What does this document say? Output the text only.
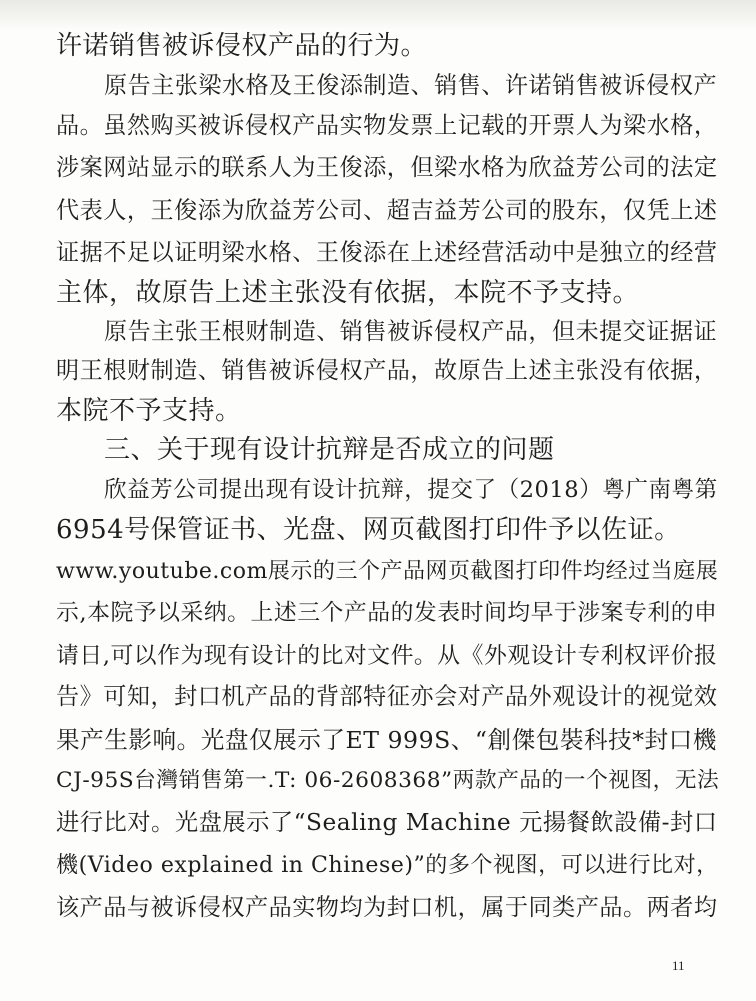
许诺销售被诉侵权产品的行为。
原告主张梁水格及王俊添制造、销售、许诺销售被诉侵权产
品。虽然购买被诉侵权产品实物发票上记载的开票人为梁水格，
涉案网站显示的联系人为王俊添，但梁水格为欣益芳公司的法定
代表人，王俊添为欣益芳公司、超吉益芳公司的股东，仅凭上述
证据不足以证明梁水格、王俊添在上述经营活动中是独立的经营
主体，故原告上述主张没有依据，本院不予支持。
原告主张王根财制造、销售被诉侵权产品，但未提交证据证
明王根财制造、销售被诉侵权产品，故原告上述主张没有依据，
本院不予支持。
三、关于现有设计抗辩是否成立的问题
欣益芳公司提出现有设计抗辩，提交了（2018）粤广南粤第
6954号保管证书、光盘、网页截图打印件予以佐证。
www.youtube.com展示的三个产品网页截图打印件均经过当庭展
示,本院予以采纳。上述三个产品的发表时间均早于涉案专利的申
请日,可以作为现有设计的比对文件。从《外观设计专利权评价报
告》可知，封口机产品的背部特征亦会对产品外观设计的视觉效
果产生影响。光盘仅展示了ET 999S、“創傑包裝科技*封口機
CJ-95S台灣销售第一.T: 06-2608368”两款产品的一个视图，无法
进行比对。光盘展示了“Sealing Machine 元揚餐飲設備-封口
機(Video explained in Chinese)”的多个视图，可以进行比对，
该产品与被诉侵权产品实物均为封口机，属于同类产品。两者均
11
